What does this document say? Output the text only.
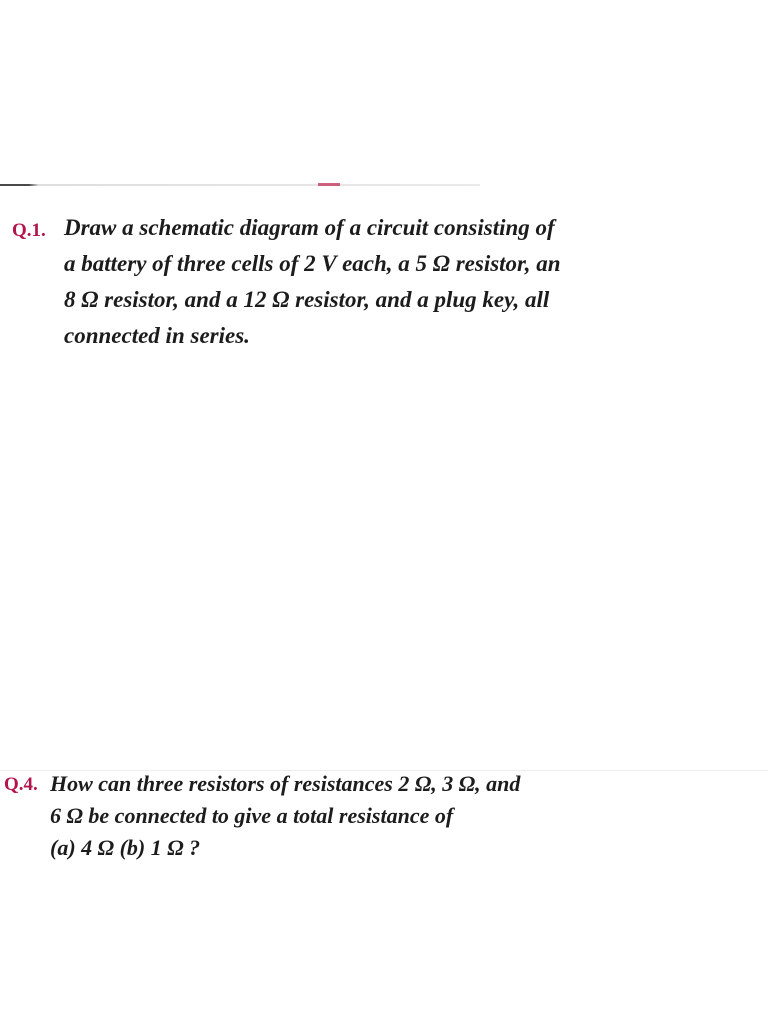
Q.1. Draw a schematic diagram of a circuit consisting of
a battery of three cells of 2 V each, a 5 Ω resistor, an
8 Ω resistor, and a 12 Ω resistor, and a plug key, all
connected in series.
Q.4. How can three resistors of resistances 2 Ω, 3 Ω, and
6 Ω be connected to give a total resistance of
(a) 4 Ω (b) 1 Ω ?
